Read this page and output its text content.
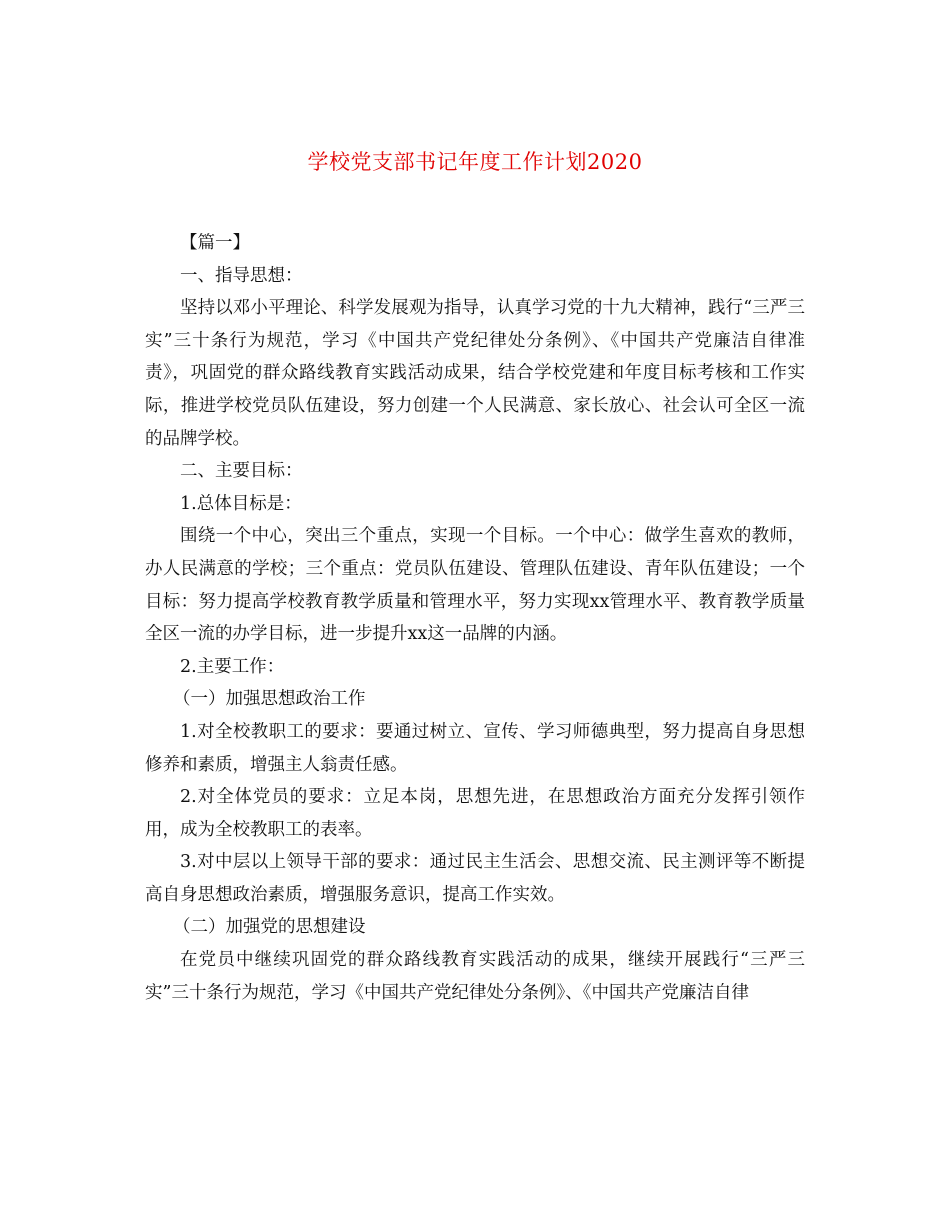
学校党支部书记年度工作计划2020

【篇一】

一、指导思想：

坚持以邓小平理论、科学发展观为指导，认真学习党的十九大精神，践行“三严三实”三十条行为规范，学习《中国共产党纪律处分条例》、《中国共产党廉洁自律准责》，巩固党的群众路线教育实践活动成果，结合学校党建和年度目标考核和工作实际，推进学校党员队伍建设，努力创建一个人民满意、家长放心、社会认可全区一流的品牌学校。

二、主要目标：

1.总体目标是：

围绕一个中心，突出三个重点，实现一个目标。一个中心：做学生喜欢的教师，办人民满意的学校；三个重点：党员队伍建设、管理队伍建设、青年队伍建设；一个目标：努力提高学校教育教学质量和管理水平，努力实现xx管理水平、教育教学质量全区一流的办学目标，进一步提升xx这一品牌的内涵。

2.主要工作：

（一）加强思想政治工作

1.对全校教职工的要求：要通过树立、宣传、学习师德典型，努力提高自身思想修养和素质，增强主人翁责任感。

2.对全体党员的要求：立足本岗，思想先进，在思想政治方面充分发挥引领作用，成为全校教职工的表率。

3.对中层以上领导干部的要求：通过民主生活会、思想交流、民主测评等不断提高自身思想政治素质，增强服务意识，提高工作实效。

（二）加强党的思想建设

在党员中继续巩固党的群众路线教育实践活动的成果，继续开展践行“三严三实”三十条行为规范，学习《中国共产党纪律处分条例》、《中国共产党廉洁自律
